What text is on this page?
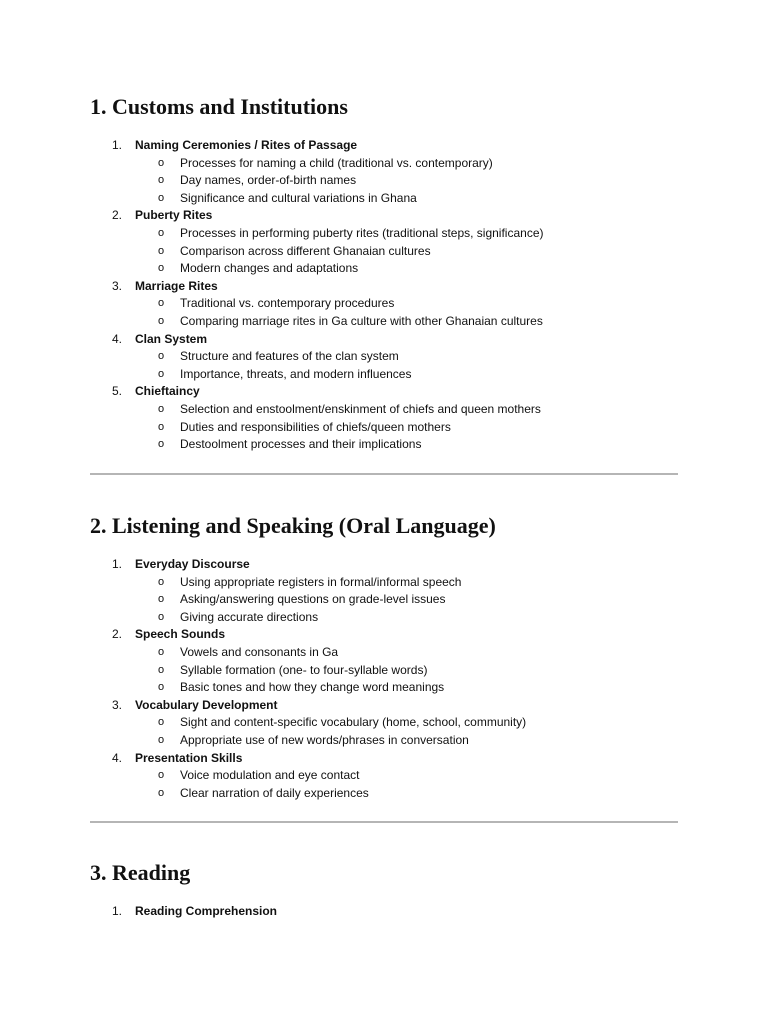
1. Customs and Institutions
1.	Naming Ceremonies / Rites of Passage
o Processes for naming a child (traditional vs. contemporary)
o Day names, order-of-birth names
o Significance and cultural variations in Ghana
2.	Puberty Rites
o Processes in performing puberty rites (traditional steps, significance)
o Comparison across different Ghanaian cultures
o Modern changes and adaptations
3.	Marriage Rites
o Traditional vs. contemporary procedures
o Comparing marriage rites in Ga culture with other Ghanaian cultures
4.	Clan System
o Structure and features of the clan system
o Importance, threats, and modern influences
5.	Chieftaincy
o Selection and enstoolment/enskinment of chiefs and queen mothers
o Duties and responsibilities of chiefs/queen mothers
o Destoolment processes and their implications
2. Listening and Speaking (Oral Language)
1.	Everyday Discourse
o Using appropriate registers in formal/informal speech
o Asking/answering questions on grade-level issues
o Giving accurate directions
2.	Speech Sounds
o Vowels and consonants in Ga
o Syllable formation (one- to four-syllable words)
o Basic tones and how they change word meanings
3.	Vocabulary Development
o Sight and content-specific vocabulary (home, school, community)
o Appropriate use of new words/phrases in conversation
4.	Presentation Skills
o Voice modulation and eye contact
o Clear narration of daily experiences
3. Reading
1.	Reading Comprehension
